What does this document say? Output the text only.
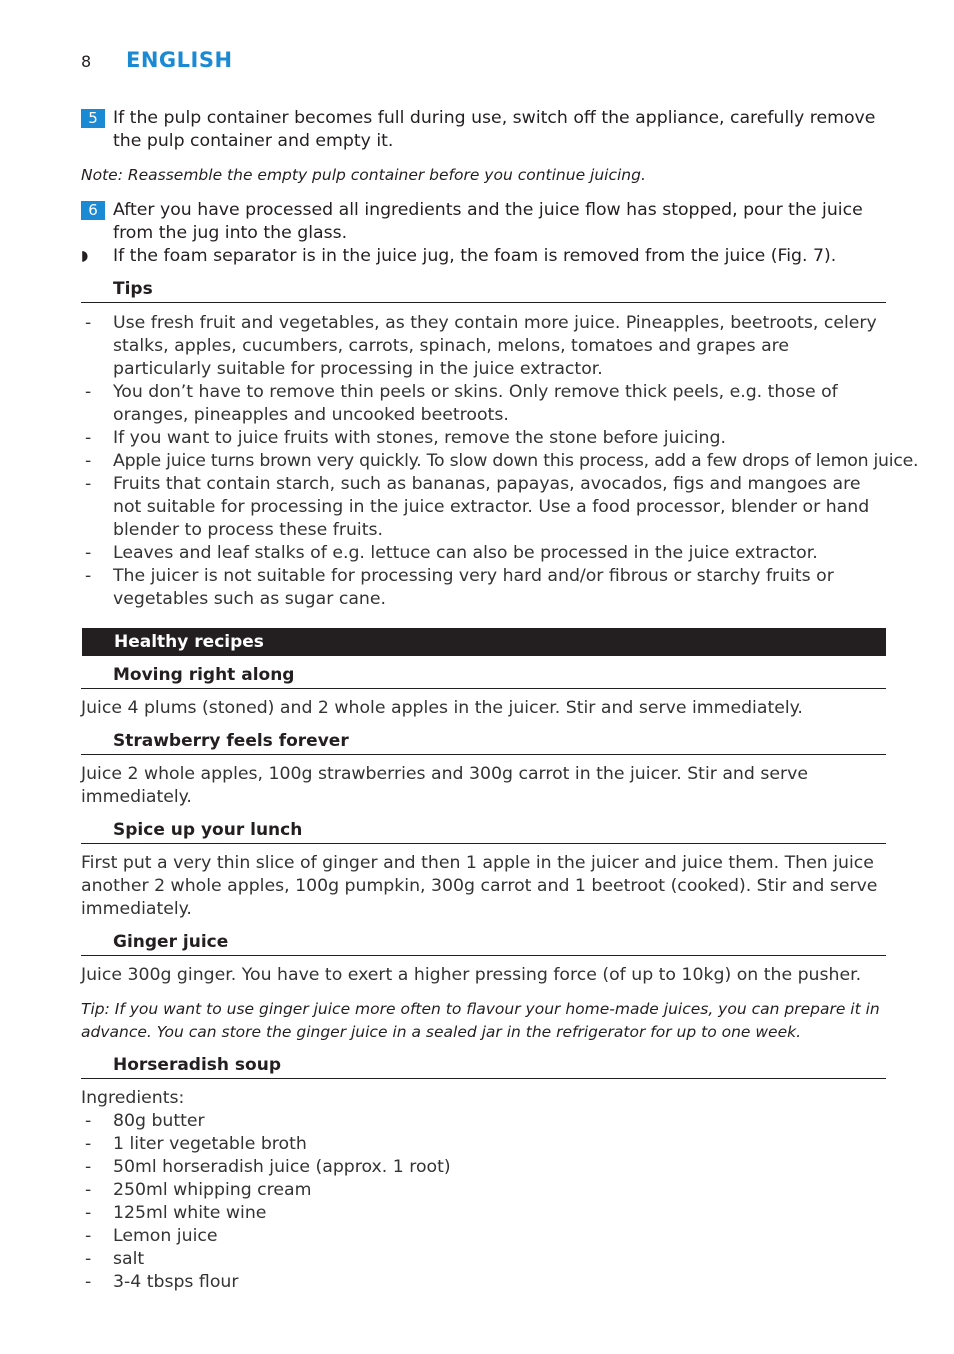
8 ENGLISH
5 If the pulp container becomes full during use, switch off the appliance, carefully remove the pulp container and empty it.
Note: Reassemble the empty pulp container before you continue juicing.
6 After you have processed all ingredients and the juice flow has stopped, pour the juice from the jug into the glass.
◗ If the foam separator is in the juice jug, the foam is removed from the juice (Fig. 7).
Tips
- Use fresh fruit and vegetables, as they contain more juice. Pineapples, beetroots, celery stalks, apples, cucumbers, carrots, spinach, melons, tomatoes and grapes are particularly suitable for processing in the juice extractor.
- You don’t have to remove thin peels or skins. Only remove thick peels, e.g. those of oranges, pineapples and uncooked beetroots.
- If you want to juice fruits with stones, remove the stone before juicing.
- Apple juice turns brown very quickly. To slow down this process, add a few drops of lemon juice.
- Fruits that contain starch, such as bananas, papayas, avocados, figs and mangoes are not suitable for processing in the juice extractor. Use a food processor, blender or hand blender to process these fruits.
- Leaves and leaf stalks of e.g. lettuce can also be processed in the juice extractor.
- The juicer is not suitable for processing very hard and/or fibrous or starchy fruits or vegetables such as sugar cane.
Healthy recipes
Moving right along
Juice 4 plums (stoned) and 2 whole apples in the juicer. Stir and serve immediately.
Strawberry feels forever
Juice 2 whole apples, 100g strawberries and 300g carrot in the juicer. Stir and serve immediately.
Spice up your lunch
First put a very thin slice of ginger and then 1 apple in the juicer and juice them. Then juice another 2 whole apples, 100g pumpkin, 300g carrot and 1 beetroot (cooked). Stir and serve immediately.
Ginger juice
Juice 300g ginger. You have to exert a higher pressing force (of up to 10kg) on the pusher.
Tip: If you want to use ginger juice more often to flavour your home-made juices, you can prepare it in advance. You can store the ginger juice in a sealed jar in the refrigerator for up to one week.
Horseradish soup
Ingredients:
- 80g butter
- 1 liter vegetable broth
- 50ml horseradish juice (approx. 1 root)
- 250ml whipping cream
- 125ml white wine
- Lemon juice
- salt
- 3-4 tbsps flour
